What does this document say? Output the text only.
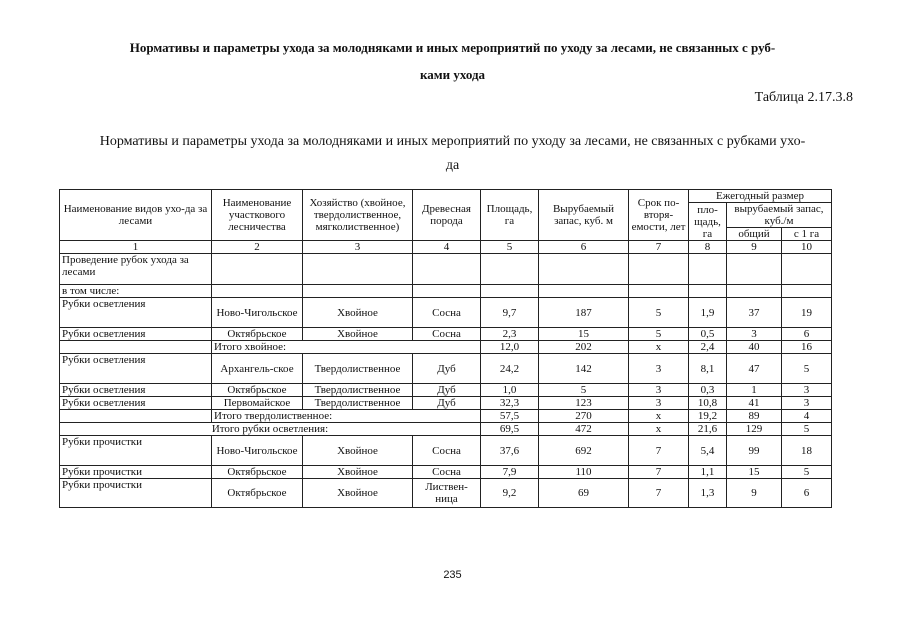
Нормативы и параметры ухода за молодняками и иных мероприятий по уходу за лесами, не связанных с руб-
ками ухода
Таблица 2.17.3.8
Нормативы и параметры ухода за молодняками и иных мероприятий по уходу за лесами, не связанных с рубками ухо-
да
Наименование видов ухо-да за лесами	Наименование участкового лесничества	Хозяйство (хвойное, твердолиственное, мягколиственное)	Древесная порода	Площадь, га	Вырубаемый запас, куб. м	Срок по-вторя-емости, лет	Ежегодный размер		
							пло-щадь, га	вырубаемый запас, куб./м	
								общий	с 1 га
1	2	3	4	5	6	7	8	9	10
Проведение рубок ухода за лесами									
в том числе:									
Рубки осветления	Ново-Чигольское	Хвойное	Сосна	9,7	187	5	1,9	37	19
Рубки осветления	Октябрьское	Хвойное	Сосна	2,3	15	5	0,5	3	6
	Итого хвойное:			12,0	202	х	2,4	40	16
Рубки осветления	Архангель-ское	Твердолиственное	Дуб	24,2	142	3	8,1	47	5
Рубки осветления	Октябрьское	Твердолиственное	Дуб	1,0	5	3	0,3	1	3
Рубки осветления	Первомайское	Твердолиственное	Дуб	32,3	123	3	10,8	41	3
	Итого твердолиственное:			57,5	270	х	19,2	89	4
Итого рубки осветления:				69,5	472	х	21,6	129	5
Рубки прочистки	Ново-Чигольское	Хвойное	Сосна	37,6	692	7	5,4	99	18
Рубки прочистки	Октябрьское	Хвойное	Сосна	7,9	110	7	1,1	15	5
Рубки прочистки	Октябрьское	Хвойное	Листвен-ница	9,2	69	7	1,3	9	6
235
